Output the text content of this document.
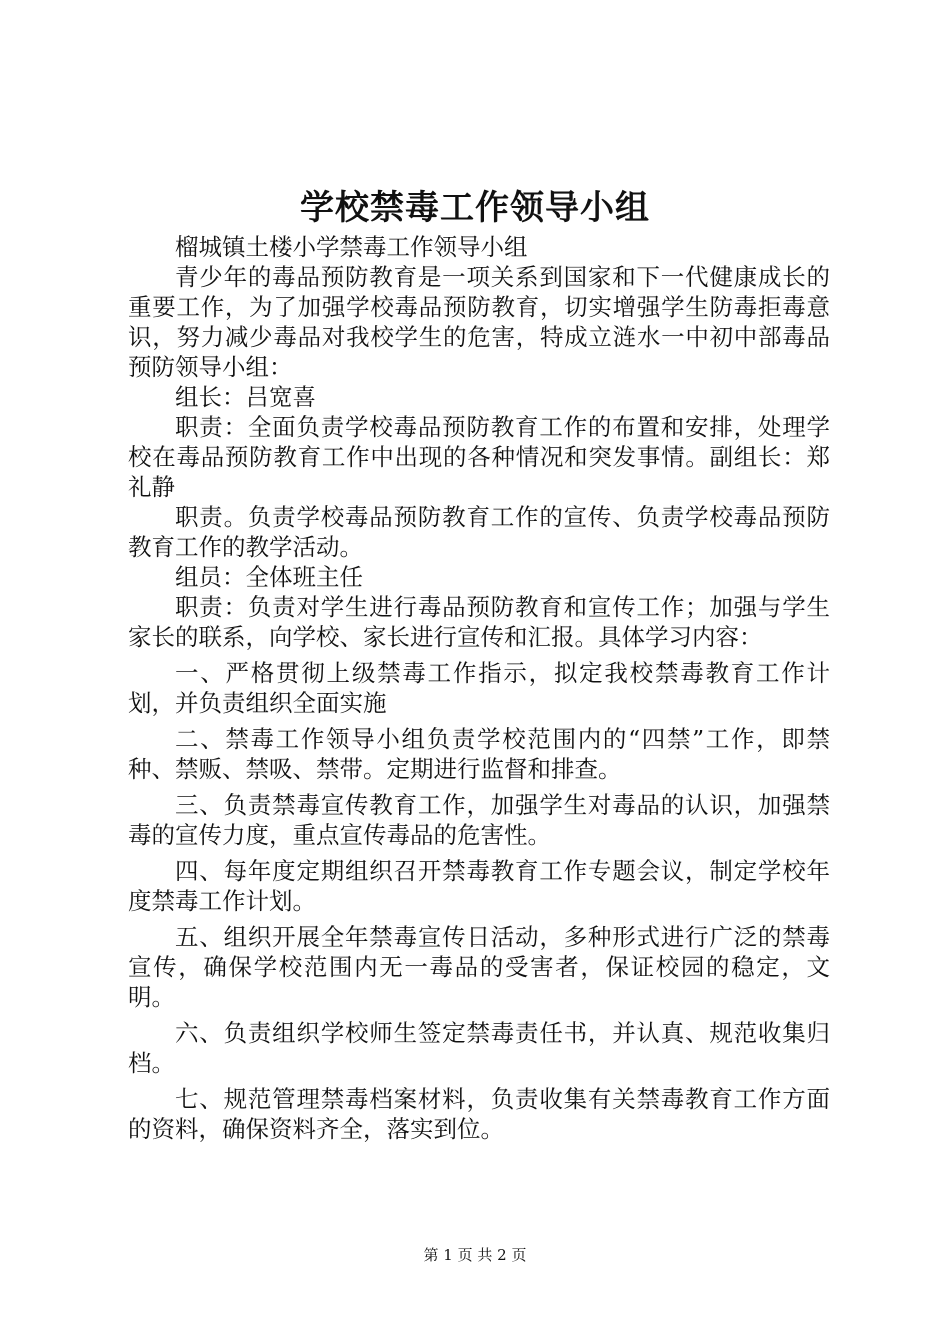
学校禁毒工作领导小组

榴城镇土楼小学禁毒工作领导小组

青少年的毒品预防教育是一项关系到国家和下一代健康成长的重要工作，为了加强学校毒品预防教育，切实增强学生防毒拒毒意识，努力减少毒品对我校学生的危害，特成立涟水一中初中部毒品预防领导小组：

组长：吕宽喜

职责：全面负责学校毒品预防教育工作的布置和安排，处理学校在毒品预防教育工作中出现的各种情况和突发事情。副组长：郑礼静

职责。负责学校毒品预防教育工作的宣传、负责学校毒品预防教育工作的教学活动。

组员：全体班主任

职责：负责对学生进行毒品预防教育和宣传工作；加强与学生家长的联系，向学校、家长进行宣传和汇报。具体学习内容：

一、严格贯彻上级禁毒工作指示，拟定我校禁毒教育工作计划，并负责组织全面实施

二、禁毒工作领导小组负责学校范围内的“四禁”工作，即禁种、禁贩、禁吸、禁带。定期进行监督和排查。

三、负责禁毒宣传教育工作，加强学生对毒品的认识，加强禁毒的宣传力度，重点宣传毒品的危害性。

四、每年度定期组织召开禁毒教育工作专题会议，制定学校年度禁毒工作计划。

五、组织开展全年禁毒宣传日活动，多种形式进行广泛的禁毒宣传，确保学校范围内无一毒品的受害者，保证校园的稳定，文明。

六、负责组织学校师生签定禁毒责任书，并认真、规范收集归档。

七、规范管理禁毒档案材料，负责收集有关禁毒教育工作方面的资料，确保资料齐全，落实到位。

第 1 页 共 2 页
